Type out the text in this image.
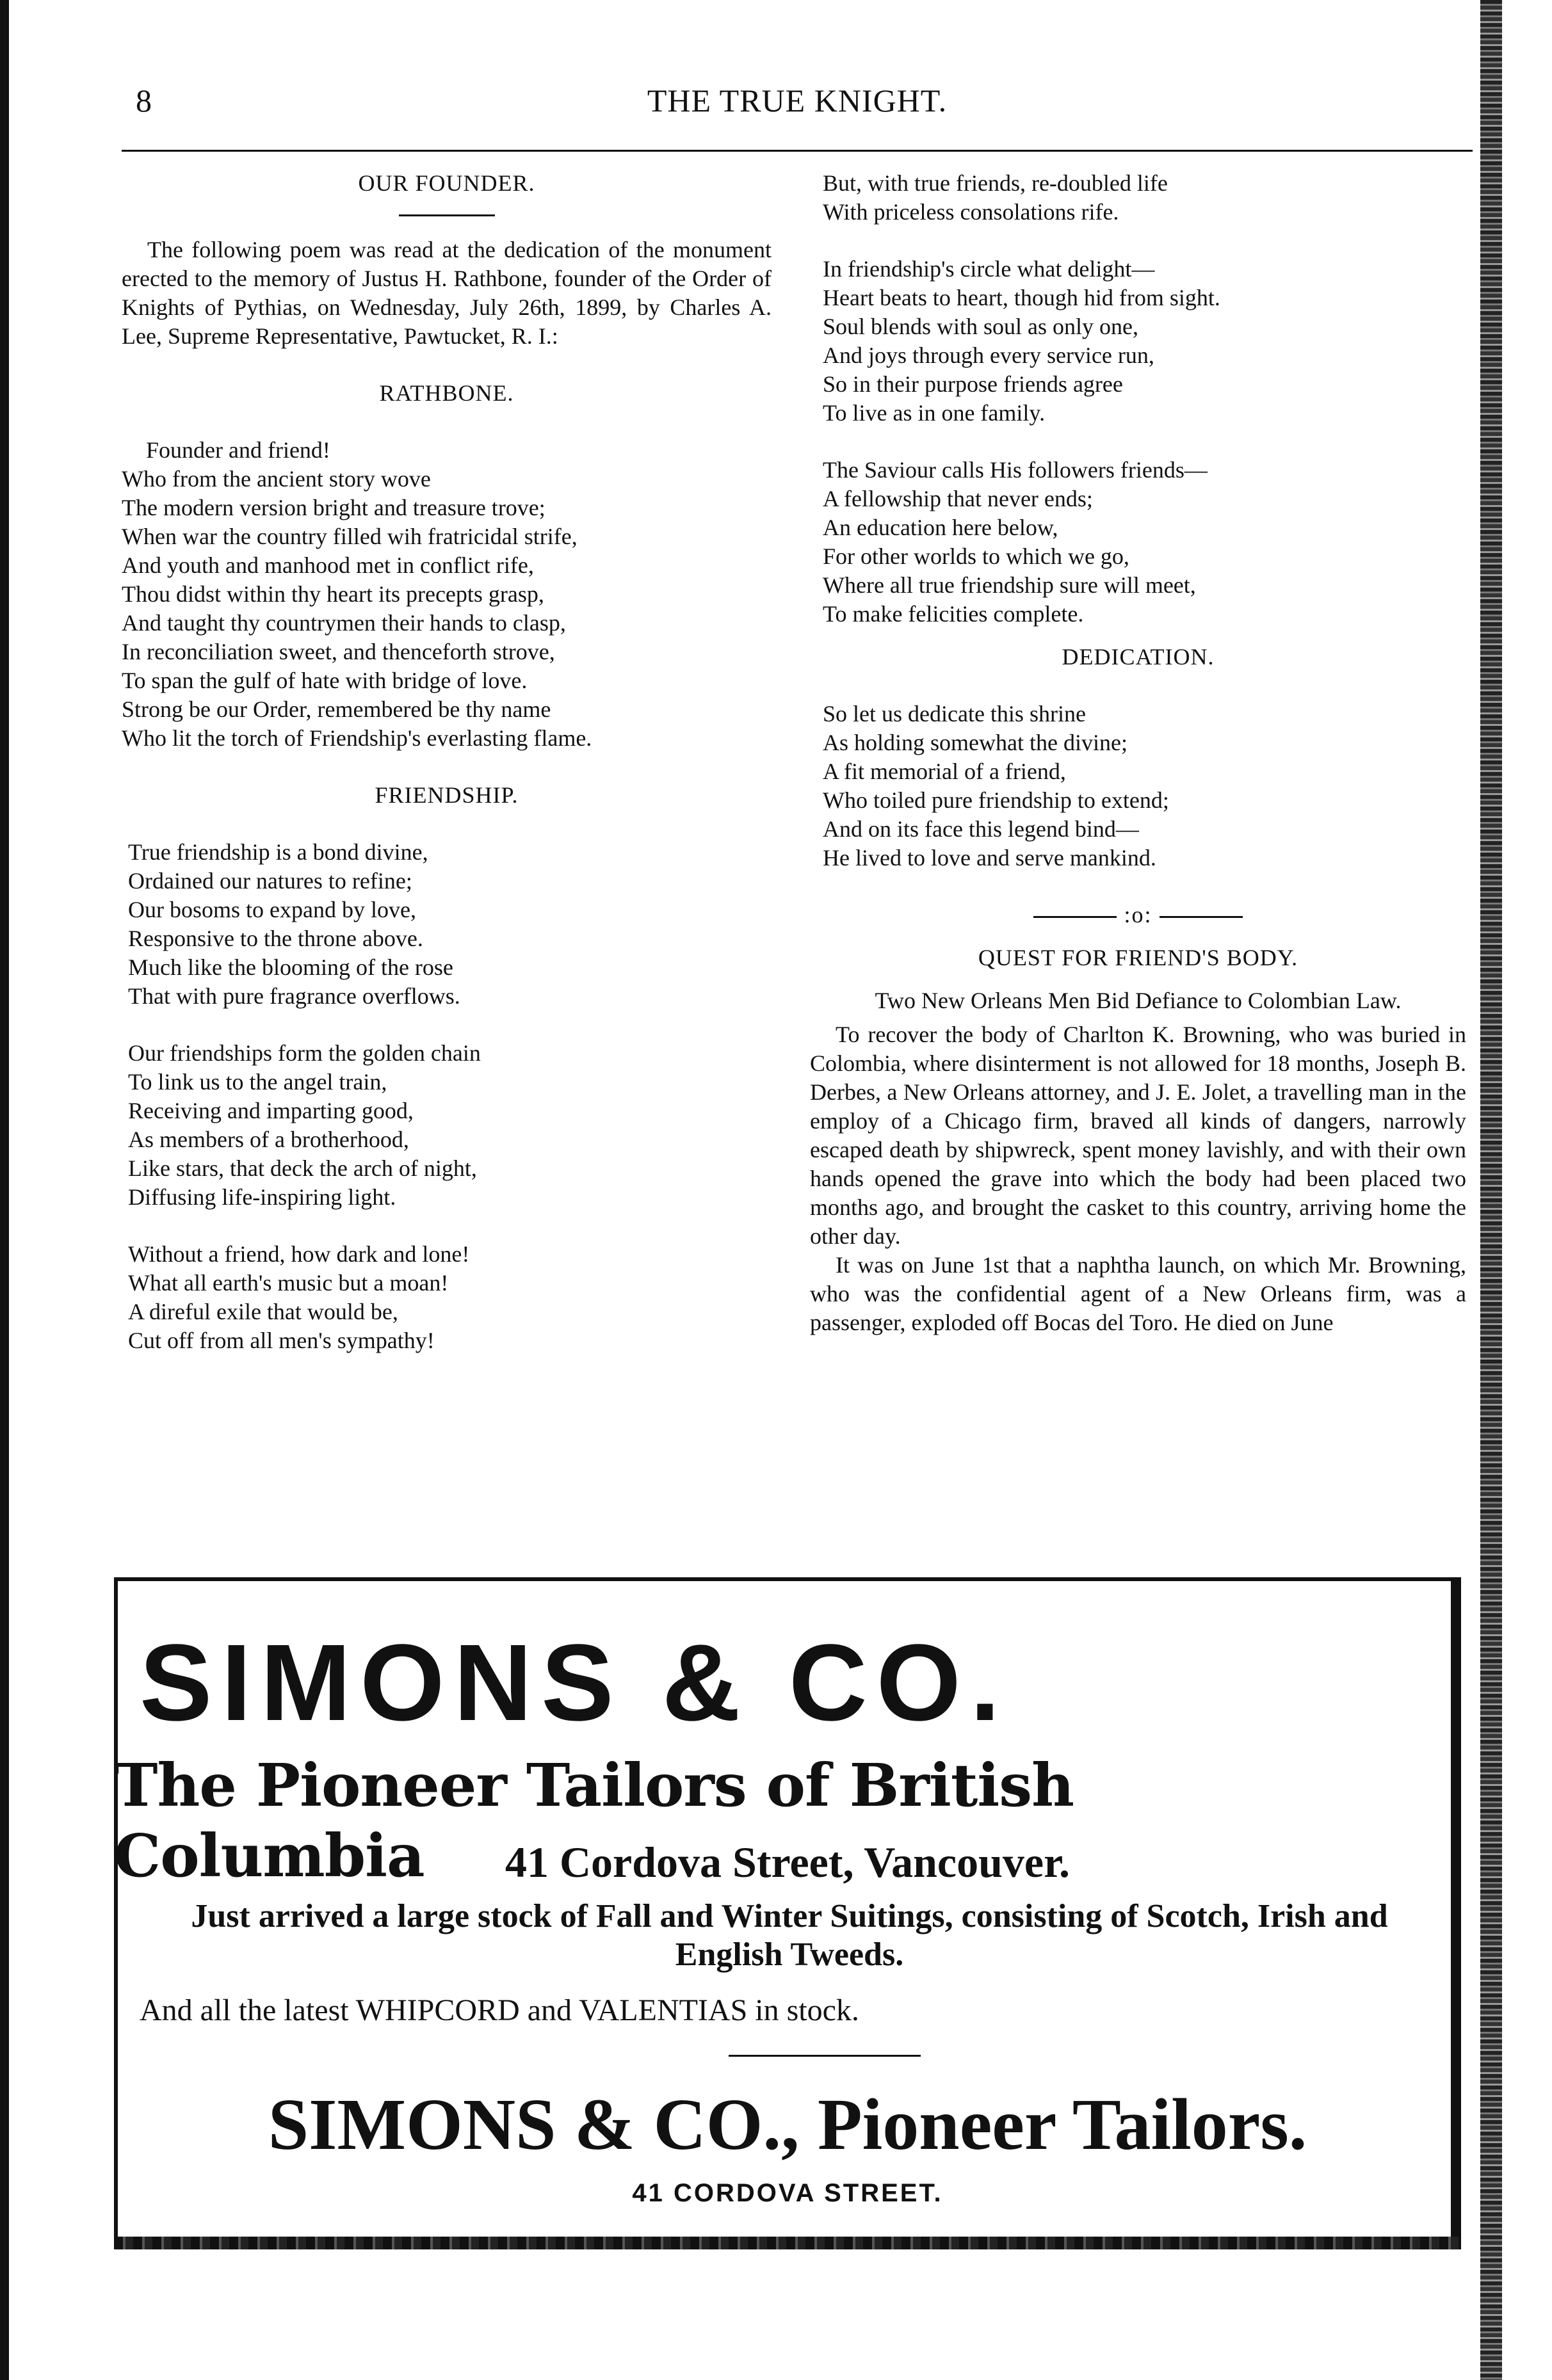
8	THE TRUE KNIGHT.

OUR FOUNDER.

The following poem was read at the dedication of the monument erected to the memory of Justus H. Rathbone, founder of the Order of Knights of Pythias, on Wednesday, July 26th, 1899, by Charles A. Lee, Supreme Representative, Pawtucket, R. I.:

RATHBONE.

Founder and friend!
Who from the ancient story wove
The modern version bright and treasure trove;
When war the country filled wih fratricidal strife,
And youth and manhood met in conflict rife,
Thou didst within thy heart its precepts grasp,
And taught thy countrymen their hands to clasp,
In reconciliation sweet, and thenceforth strove,
To span the gulf of hate with bridge of love.
Strong be our Order, remembered be thy name
Who lit the torch of Friendship's everlasting flame.

FRIENDSHIP.

True friendship is a bond divine,
Ordained our natures to refine;
Our bosoms to expand by love,
Responsive to the throne above.
Much like the blooming of the rose
That with pure fragrance overflows.
Our friendships form the golden chain
To link us to the angel train,
Receiving and imparting good,
As members of a brotherhood,
Like stars, that deck the arch of night,
Diffusing life-inspiring light.
Without a friend, how dark and lone!
What all earth's music but a moan!
A direful exile that would be,
Cut off from all men's sympathy!
But, with true friends, re-doubled life
With priceless consolations rife.
In friendship's circle what delight—
Heart beats to heart, though hid from sight.
Soul blends with soul as only one,
And joys through every service run,
So in their purpose friends agree
To live as in one family.
The Saviour calls His followers friends—
A fellowship that never ends;
An education here below,
For other worlds to which we go,
Where all true friendship sure will meet,
To make felicities complete.

DEDICATION.

So let us dedicate this shrine
As holding somewhat the divine;
A fit memorial of a friend,
Who toiled pure friendship to extend;
And on its face this legend bind—
He lived to love and serve mankind.

:o:

QUEST FOR FRIEND'S BODY.

Two New Orleans Men Bid Defiance to Colombian Law.

To recover the body of Charlton K. Browning, who was buried in Colombia, where disinterment is not allowed for 18 months, Joseph B. Derbes, a New Orleans attorney, and J. E. Jolet, a travelling man in the employ of a Chicago firm, braved all kinds of dangers, narrowly escaped death by shipwreck, spent money lavishly, and with their own hands opened the grave into which the body had been placed two months ago, and brought the casket to this country, arriving home the other day.

It was on June 1st that a naphtha launch, on which Mr. Browning, who was the confidential agent of a New Orleans firm, was a passenger, exploded off Bocas del Toro. He died on June

SIMONS & CO.
The Pioneer Tailors of British Columbia	41 Cordova Street, Vancouver.
Just arrived a large stock of Fall and Winter Suitings, consisting of Scotch, Irish and English Tweeds.
And all the latest WHIPCORD and VALENTIAS in stock.
SIMONS & CO., Pioneer Tailors.
41 CORDOVA STREET.
